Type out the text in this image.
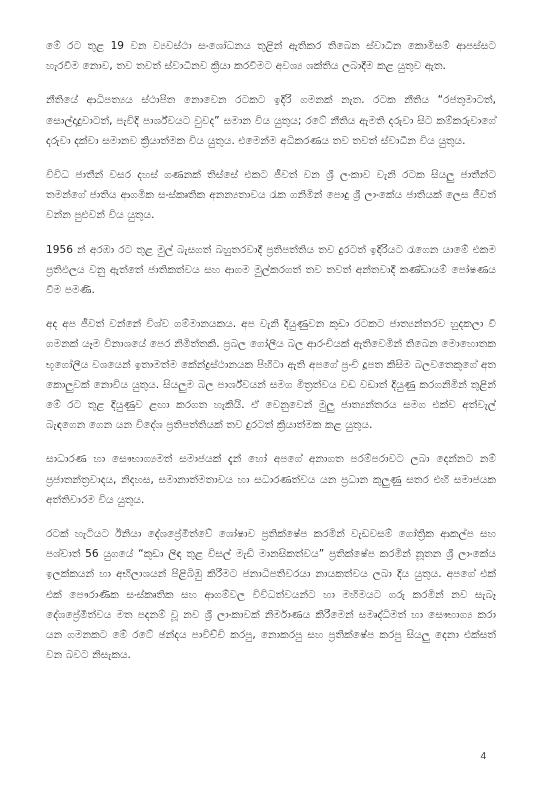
මේ රට තුළ 19 වන ව්‍යවස්ථා සංශෝධනය තුළින් ඇතිකර තිබෙන ස්වාධීන කොමිසම් ආපස්සට හැරවීම නොව, තව තවත් ස්වාධීනව ක්‍රියා කරවීමට අවශ්‍ය ශක්තිය ලබාදීම කළ යුතුව ඇත.

නීතියේ ආධිපත්‍යය ස්ථාපිත නොවෙන රටකට ඉදිරි ගමනක් නැත. රටක නීතිය “රජතුමාටත්, සොල්දාදුවාටත්, පැවිදි පාර්ශ්වයට වුවද” සමාන විය යුතුය; රටේ නීතිය ඇමති දරුවා සිට කම්කරුවාගේ දරුවා දක්වා සමානව ක්‍රියාත්මක විය යුතුය. එමෙන්ම අධිකරණය තව තවත් ස්වාධීන විය යුතුය.

විවිධ ජාතීන් වසර දහස් ගණනක් තිස්සේ එකට ජීවත් වන ශ්‍රී ලංකාව වැනි රටක සියලු ජාතීන්ට තමන්ගේ ජාතිය ආගමික සංස්කෘතික අනන්‍යතාවය රැක ගනිමින් පොදු ශ්‍රී ලාංකේය ජාතියක් ලෙස ජීවත් වන්න පුළුවන් විය යුතුය.

1956 න් අරඹා රට තුළ මුල් බැසගත් බහුතරවාදී ප්‍රතිපත්තිය තව දුරටත් ඉදිරියට රැගෙන යාමේ එකම ප්‍රතිඵලය වනු ඇත්තේ ජාතිකත්වය සහ ආගම මුල්කරගත් තව තවත් අන්තවාදී කණ්ඩායම් පෝෂණය වීම පමණි.

අද අප ජීවත් වන්නේ විශ්ව ගම්මානයකය. අප වැනි දියුණුවන කුඩා රටකට ජාත්‍යන්තරව හුදකලා වී ගමනක් යෑම විනාශයේ පෙර නිමිත්තකි. ප්‍රබල ගෝලීය බල ආරංචියක් ඇතිවෙමින් තිබෙන මොහොතක භූගෝලීය වශයෙන් ඉතාමත්ම කේන්ද්‍රස්ථානයක පිහිටා ඇති අපගේ ප්‍රංචි දූපත කිසිම බලවතෙකුගේ අත කොලුවක් නොවිය යුතුය. සියලුම බල පාර්ශ්වයන් සමග මිත්‍රත්වය වඩ වඩාත් දියුණු කරගනිමින් තුළින් මේ රට තුළ දියුණුව ළඟා කරගත හැකියි. ඒ වෙනුවෙන් මුලු ජාත්‍යන්තරය සමග එක්ව අත්වැල් බැඳගෙන ගෙන යන විදේශ ප්‍රතිපත්තියක් තව දුරටත් ක්‍රියාත්මක කළ යුතුය.

සාධාරණ හා සෞභාග්‍යමත් සමාජයක් දැන් හෝ අපගේ අනාගත පරම්පරාවට ලබා දෙන්නට නම් ප්‍රජාතන්ත්‍රවාදය, නිදහස, සමානාත්මතාවය හා සධාරණත්වය යන ප්‍රධාන කුලුණු සතර එහි සමාජයක අත්තිවාරම විය යුතුය.

රටක් හැටියට ඊනියා දේශප්‍රේමීත්වේ ශෝෂාව ප්‍රතික්ෂේප කරමින් වැඩවසම් ගෝත්‍රික ආකල්ප සහ පශ්චාත් 56 යුගයේ “කුඩා ලිඳ තුළ විසල් මැඩි මානසිකත්වය” ප්‍රතික්ෂේප කරමින් නූතන ශ්‍රී ලාංකේය ඉලක්කයන් හා අභිලාශයන් පිළිබිඹු කිරීමට ජනාධිපතිවරයා නායකත්වය ලබා දිය යුතුය. අපගේ එක් එක් පෞරාණික සංස්කෘතික සහ ආගම්වල විවිධත්වයන්ට හා මහිමයට ගරු කරමින් නව සැබෑ දේශප්‍රේමීත්වය මත පදනම් වූ නව ශ්‍රී ලාංකාවක් නිර්මාණය කිරීමෙන් සමෘද්ධිමත් හා සෞභාග්‍ය කරා යන ගමනකට මේ රටේ ඡන්දය පාවිච්චි කරපු, නොකරපු සහ ප්‍රතික්ෂේප කරපු සියලු දෙනා එක්සත් වන බවට නිසැකය.

4
